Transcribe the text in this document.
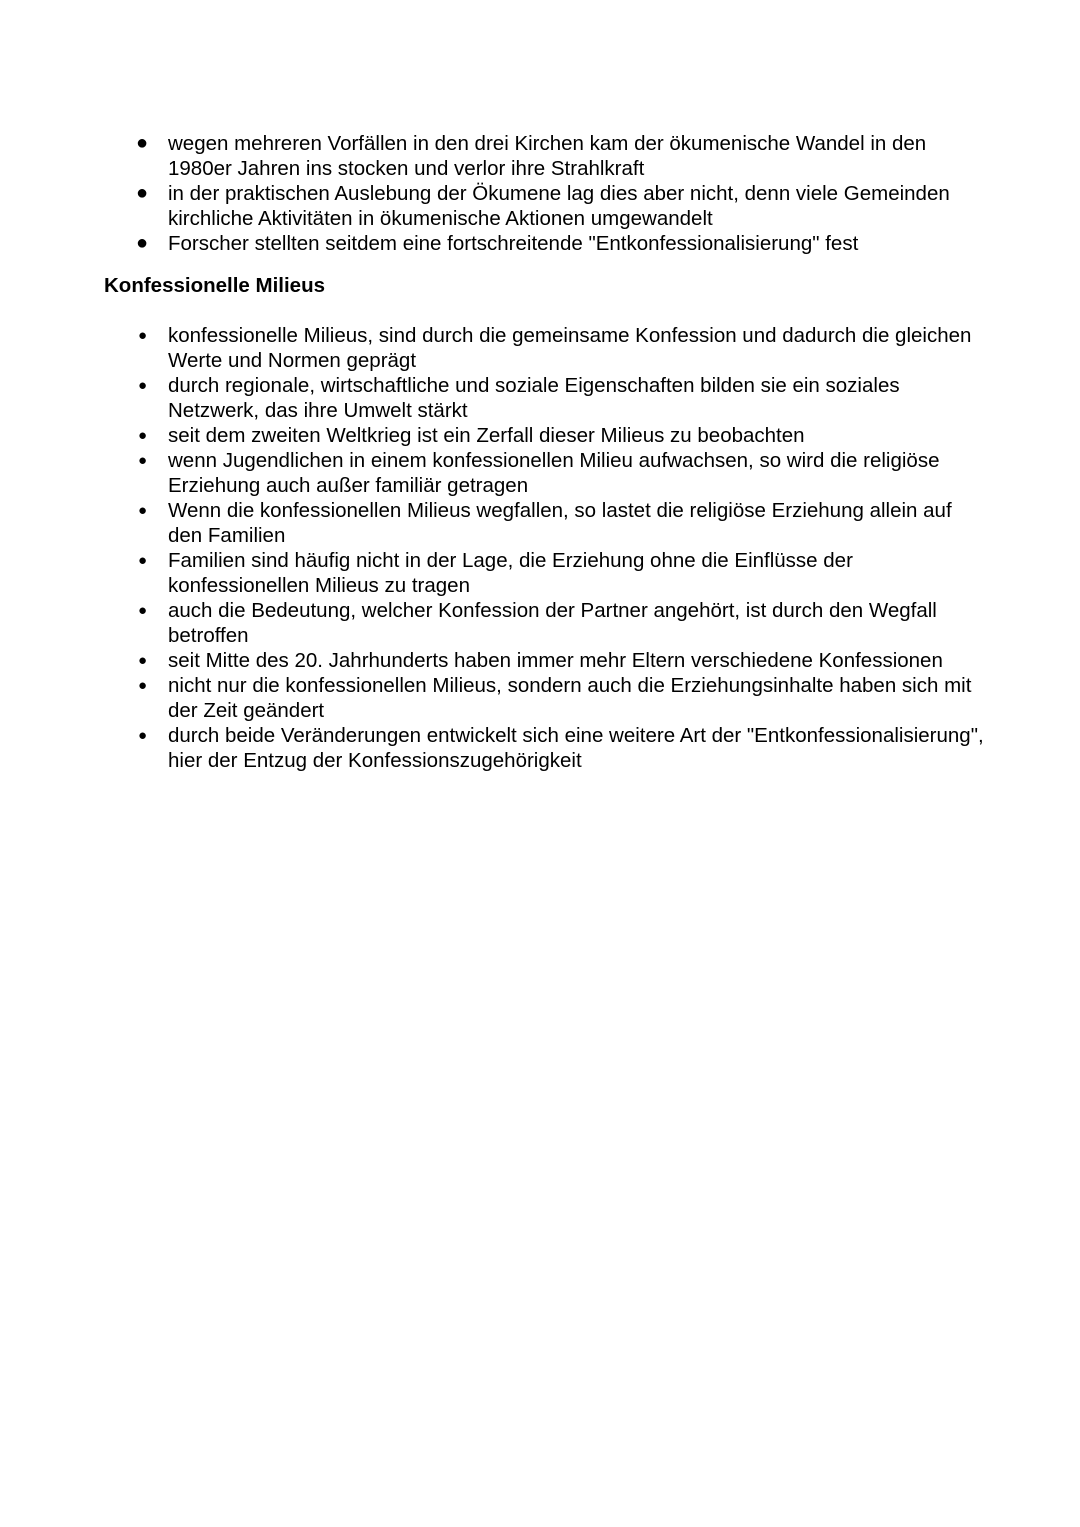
● wegen mehreren Vorfällen in den drei Kirchen kam der ökumenische Wandel in den 1980er Jahren ins stocken und verlor ihre Strahlkraft
● in der praktischen Auslebung der Ökumene lag dies aber nicht, denn viele Gemeinden kirchliche Aktivitäten in ökumenische Aktionen umgewandelt
● Forscher stellten seitdem eine fortschreitende "Entkonfessionalisierung" fest
Konfessionelle Milieus
●	konfessionelle Milieus, sind durch die gemeinsame Konfession und dadurch die gleichen Werte und Normen geprägt
●	durch regionale, wirtschaftliche und soziale Eigenschaften bilden sie ein soziales Netzwerk, das ihre Umwelt stärkt
●	seit dem zweiten Weltkrieg ist ein Zerfall dieser Milieus zu beobachten
●	wenn Jugendlichen in einem konfessionellen Milieu aufwachsen, so wird die religiöse Erziehung auch außer familiär getragen
●	Wenn die konfessionellen Milieus wegfallen, so lastet die religiöse Erziehung allein auf den Familien
●	Familien sind häufig nicht in der Lage, die Erziehung ohne die Einflüsse der konfessionellen Milieus zu tragen
●	auch die Bedeutung, welcher Konfession der Partner angehört, ist durch den Wegfall betroffen
●	seit Mitte des 20. Jahrhunderts haben immer mehr Eltern verschiedene Konfessionen
●	nicht nur die konfessionellen Milieus, sondern auch die Erziehungsinhalte haben sich mit der Zeit geändert
●	durch beide Veränderungen entwickelt sich eine weitere Art der "Entkonfessionalisierung", hier der Entzug der Konfessionszugehörigkeit
